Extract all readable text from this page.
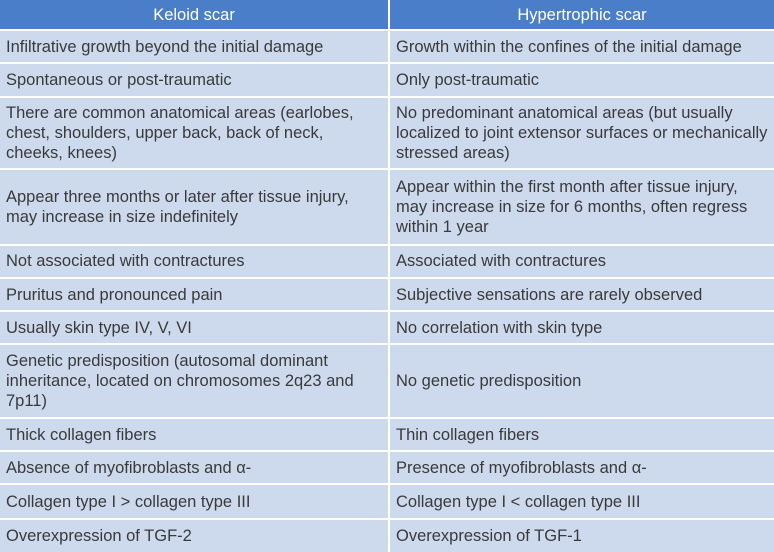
Keloid scar	Hypertrophic scar
Infiltrative growth beyond the initial damage	Growth within the confines of the initial damage
Spontaneous or post-traumatic	Only post-traumatic
There are common anatomical areas (earlobes, chest, shoulders, upper back, back of neck, cheeks, knees)	No predominant anatomical areas (but usually localized to joint extensor surfaces or mechanically stressed areas)
Appear three months or later after tissue injury, may increase in size indefinitely	Appear within the first month after tissue injury, may increase in size for 6 months, often regress within 1 year
Not associated with contractures	Associated with contractures
Pruritus and pronounced pain	Subjective sensations are rarely observed
Usually skin type IV, V, VI	No correlation with skin type
Genetic predisposition (autosomal dominant inheritance, located on chromosomes 2q23 and 7p11)	No genetic predisposition
Thick collagen fibers	Thin collagen fibers
Absence of myofibroblasts and α-	Presence of myofibroblasts and α-
Collagen type I > collagen type III	Collagen type I < collagen type III
Overexpression of TGF-2	Overexpression of TGF-1
